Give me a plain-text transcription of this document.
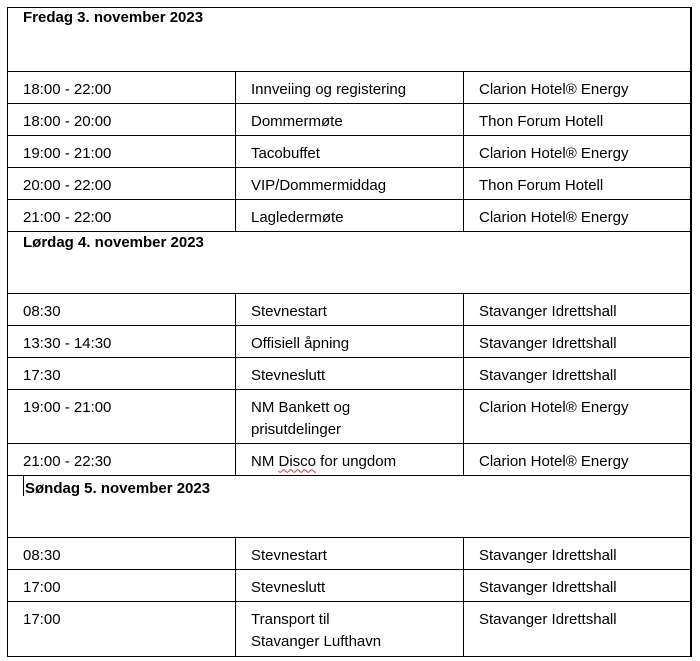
Fredag 3. november 2023		

18:00 - 22:00	Innveiing og registering	Clarion Hotel® Energy

18:00 - 20:00	Dommermøte	Thon Forum Hotell

19:00 - 21:00	Tacobuffet	Clarion Hotel® Energy

20:00 - 22:00	VIP/Dommermiddag	Thon Forum Hotell

21:00 - 22:00	Lagledermøte	Clarion Hotel® Energy

Lørdag 4. november 2023		

08:30	Stevnestart	Stavanger Idrettshall

13:30 - 14:30	Offisiell åpning	Stavanger Idrettshall

17:30	Stevneslutt	Stavanger Idrettshall

19:00 - 21:00	NM Bankett og
prisutdelinger	Clarion Hotel® Energy

21:00 - 22:30	NM Disco for ungdom	Clarion Hotel® Energy

Søndag 5. november 2023		

08:30	Stevnestart	Stavanger Idrettshall

17:00	Stevneslutt	Stavanger Idrettshall

17:00	Transport til
Stavanger Lufthavn	Stavanger Idrettshall
